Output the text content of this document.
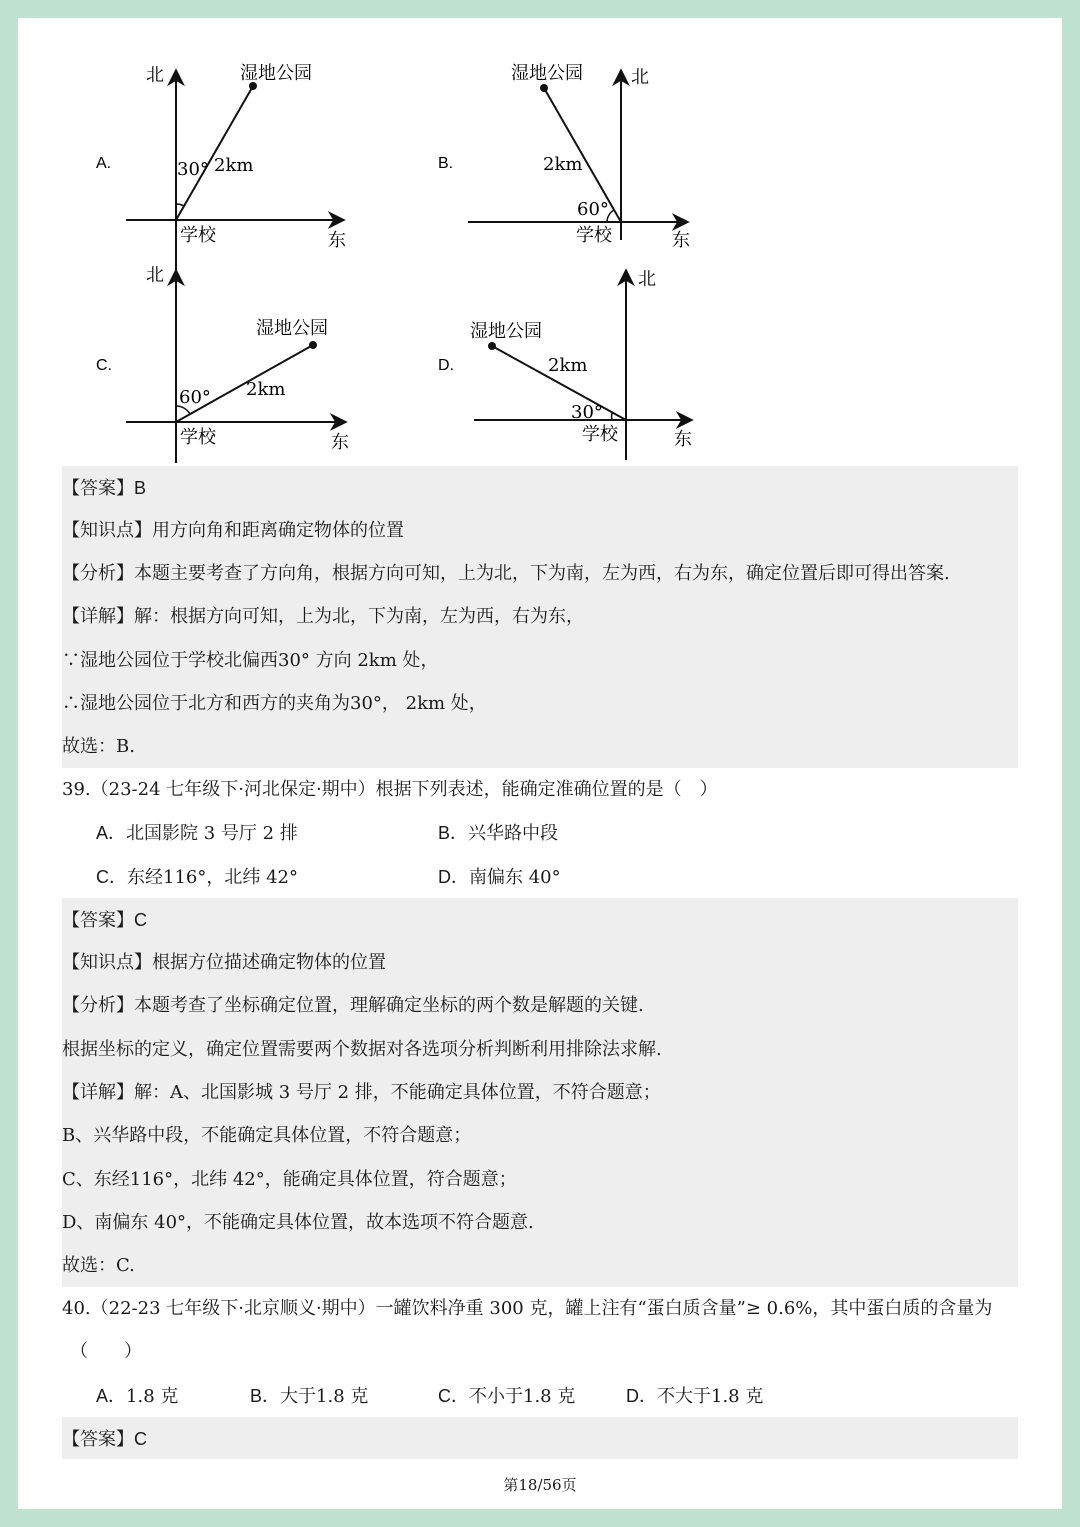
A.
北	湿地公园
30° 2km
学校	东
B.
北
湿地公园
2km
60°
学校	东
C.
北
湿地公园
2km
60°
学校	东
D.
北
湿地公园
2km
30°
学校	东
【答案】B
【知识点】用方向角和距离确定物体的位置
【分析】本题主要考查了方向角，根据方向可知，上为北，下为南，左为西，右为东，确定位置后即可得出答案.
【详解】解：根据方向可知，上为北，下为南，左为西，右为东，
∵湿地公园位于学校北偏西30° 方向 2km 处，
∴湿地公园位于北方和西方的夹角为30°， 2km 处，
故选：B.
39.（23-24 七年级下·河北保定·期中）根据下列表述，能确定准确位置的是（　）
A．北国影院 3 号厅 2 排	B．兴华路中段
C．东经116°，北纬 42°	D．南偏东 40°
【答案】C
【知识点】根据方位描述确定物体的位置
【分析】本题考查了坐标确定位置，理解确定坐标的两个数是解题的关键.
根据坐标的定义，确定位置需要两个数据对各选项分析判断利用排除法求解.
【详解】解：A、北国影城 3 号厅 2 排，不能确定具体位置，不符合题意；
B、兴华路中段，不能确定具体位置，不符合题意；
C、东经116°，北纬 42°，能确定具体位置，符合题意；
D、南偏东 40°，不能确定具体位置，故本选项不符合题意.
故选：C.
40.（22-23 七年级下·北京顺义·期中）一罐饮料净重 300 克，罐上注有“蛋白质含量”≥ 0.6%，其中蛋白质的含量为
（　　）
A．1.8 克	B．大于1.8 克	C．不小于1.8 克	D．不大于1.8 克
【答案】C
第18/56页
